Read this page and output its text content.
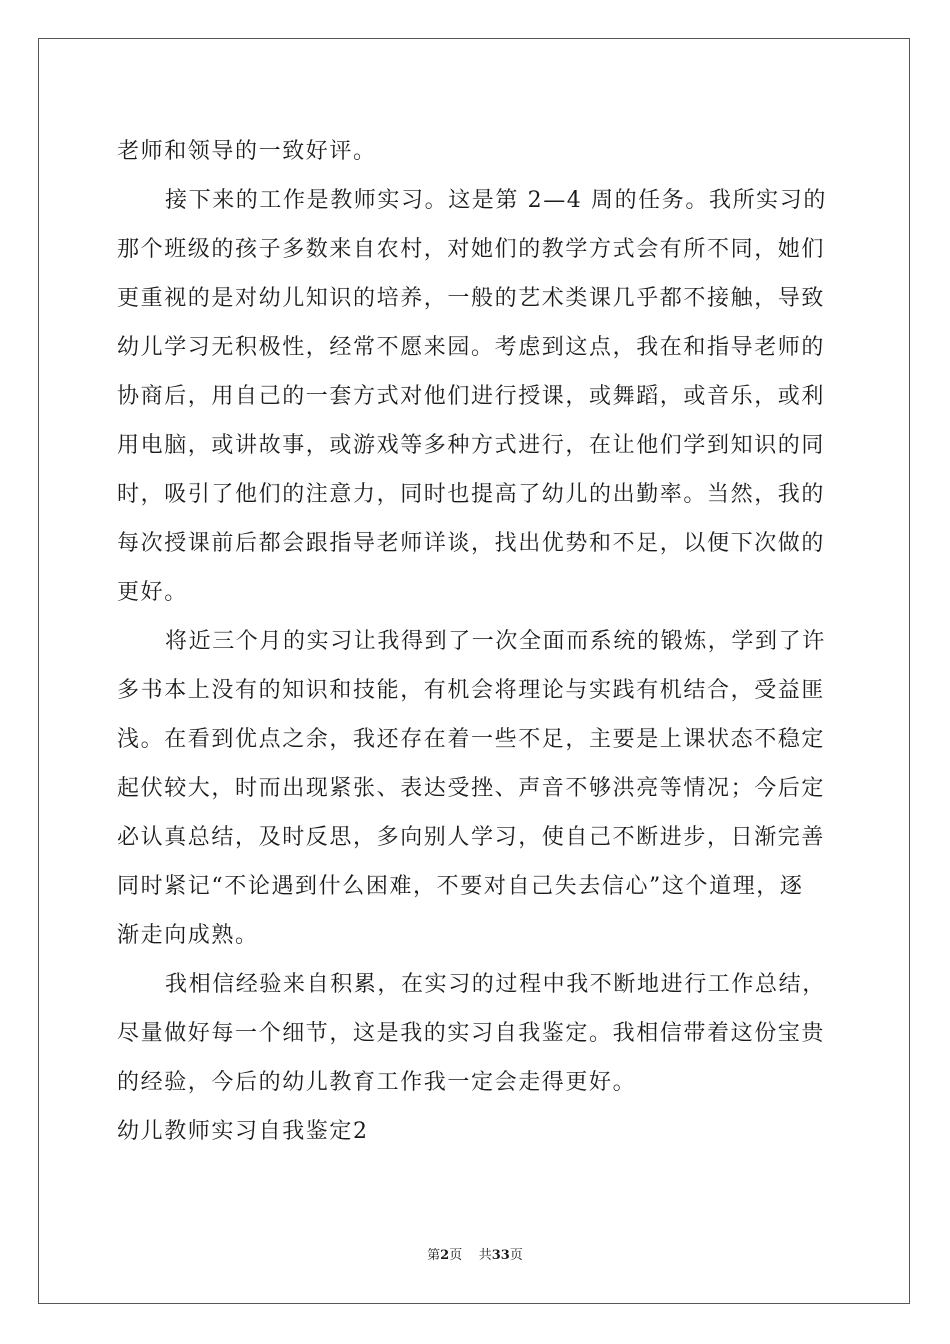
老师和领导的一致好评。
接下来的工作是教师实习。这是第 2—4 周的任务。我所实习的
那个班级的孩子多数来自农村，对她们的教学方式会有所不同，她们
更重视的是对幼儿知识的培养，一般的艺术类课几乎都不接触，导致
幼儿学习无积极性，经常不愿来园。考虑到这点，我在和指导老师的
协商后，用自己的一套方式对他们进行授课，或舞蹈，或音乐，或利
用电脑，或讲故事，或游戏等多种方式进行，在让他们学到知识的同
时，吸引了他们的注意力，同时也提高了幼儿的出勤率。当然，我的
每次授课前后都会跟指导老师详谈，找出优势和不足，以便下次做的
更好。
将近三个月的实习让我得到了一次全面而系统的锻炼，学到了许
多书本上没有的知识和技能，有机会将理论与实践有机结合，受益匪
浅。在看到优点之余，我还存在着一些不足，主要是上课状态不稳定
起伏较大，时而出现紧张、表达受挫、声音不够洪亮等情况；今后定
必认真总结，及时反思，多向别人学习，使自己不断进步，日渐完善
同时紧记“不论遇到什么困难，不要对自己失去信心”这个道理，逐
渐走向成熟。
我相信经验来自积累，在实习的过程中我不断地进行工作总结，
尽量做好每一个细节，这是我的实习自我鉴定。我相信带着这份宝贵
的经验，今后的幼儿教育工作我一定会走得更好。
幼儿教师实习自我鉴定2
第2页 共33页
